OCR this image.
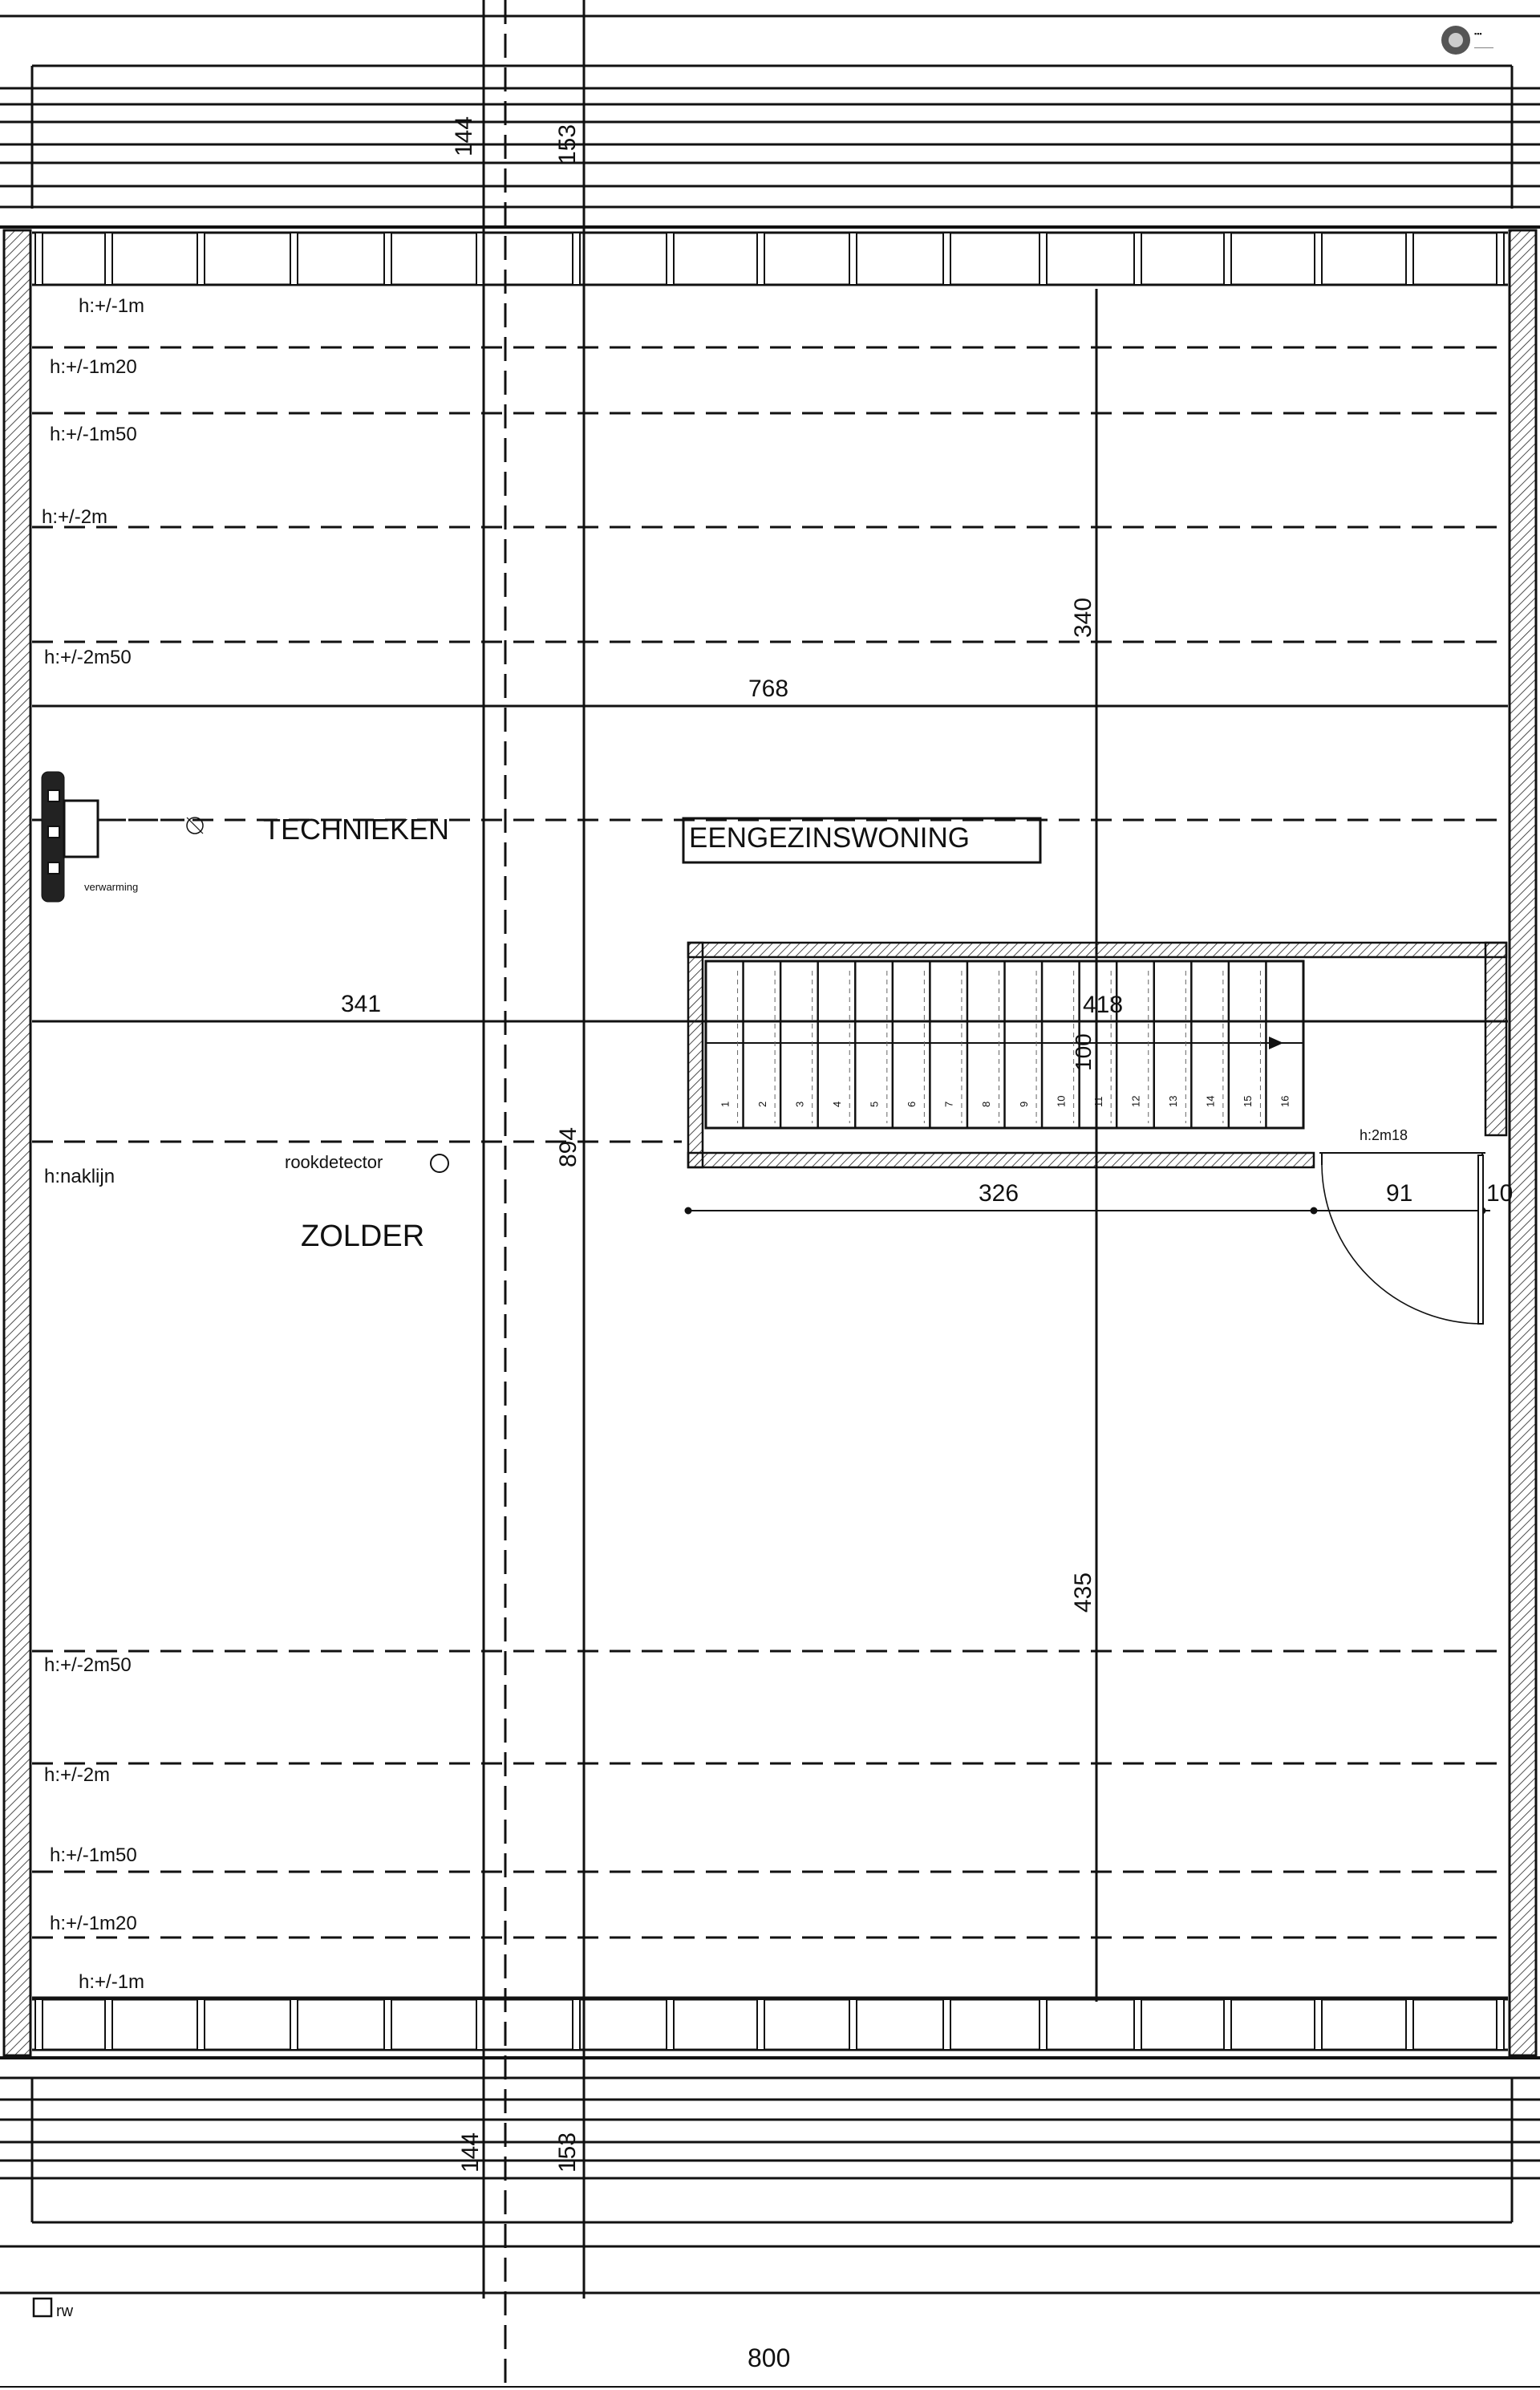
1 2 3 4 5 6 7 8 9 10 11 12 13 14 15 16
▪▪▪
———
TECHNIEKEN	EENGEZINSWONING
ZOLDER
144	153
340
768
341
894
418
100
326	91	10
435
144	153
800
h:+/-1m
h:+/-1m20
h:+/-1m50
h:+/-2m
h:+/-2m50
h:naklijn
h:+/-2m50
h:+/-2m
h:+/-1m50
h:+/-1m20
h:+/-1m
rookdetector
rw
verwarming
h:2m18
